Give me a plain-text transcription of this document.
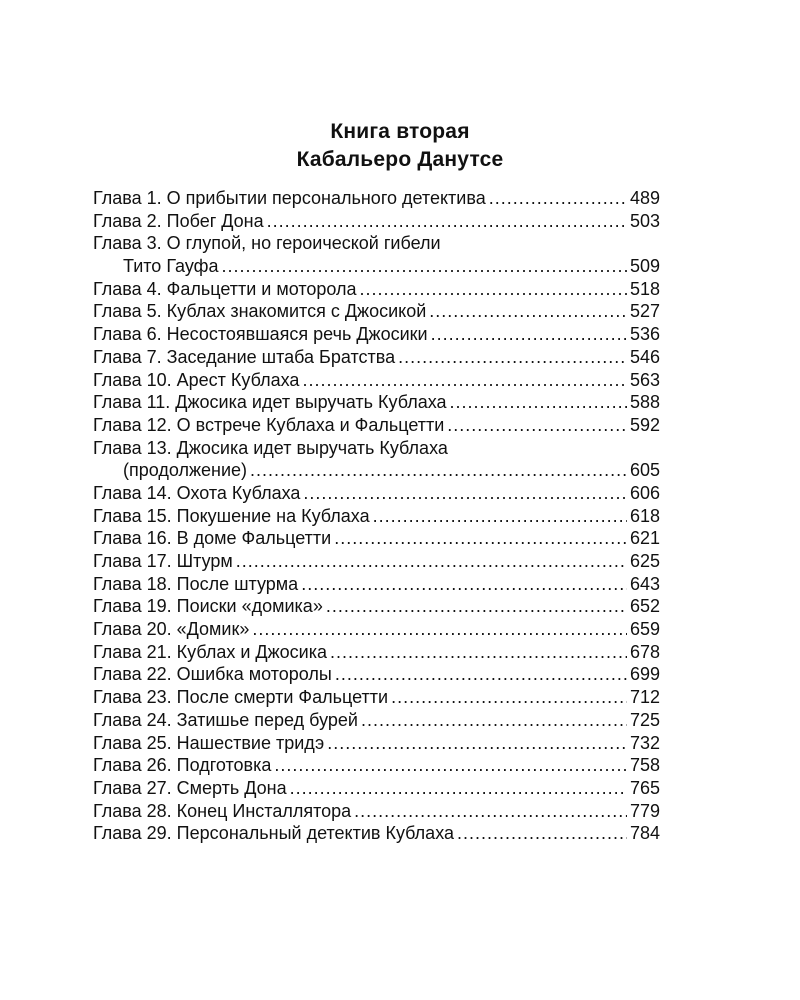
Книга вторая
Кабальеро Данутсе
Глава 1. О прибытии персонального детектива .....	489
Глава 2. Побег Дона .....	503
Глава 3. О глупой, но героической гибели
Тито Гауфа .....	509
Глава 4. Фальцетти и моторола .....	518
Глава 5. Кублах знакомится с Джосикой .....	527
Глава 6. Несостоявшаяся речь Джосики .....	536
Глава 7. Заседание штаба Братства .....	546
Глава 10. Арест Кублаха .....	563
Глава 11. Джосика идет выручать Кублаха .....	588
Глава 12. О встрече Кублаха и Фальцетти .....	592
Глава 13. Джосика идет выручать Кублаха
(продолжение) .....	605
Глава 14. Охота Кублаха .....	606
Глава 15. Покушение на Кублаха .....	618
Глава 16. В доме Фальцетти .....	621
Глава 17. Штурм .....	625
Глава 18. После штурма .....	643
Глава 19. Поиски «домика» .....	652
Глава 20. «Домик» .....	659
Глава 21. Кублах и Джосика .....	678
Глава 22. Ошибка моторолы .....	699
Глава 23. После смерти Фальцетти .....	712
Глава 24. Затишье перед бурей .....	725
Глава 25. Нашествие тридэ .....	732
Глава 26. Подготовка .....	758
Глава 27. Смерть Дона .....	765
Глава 28. Конец Инсталлятора .....	779
Глава 29. Персональный детектив Кублаха .....	784
